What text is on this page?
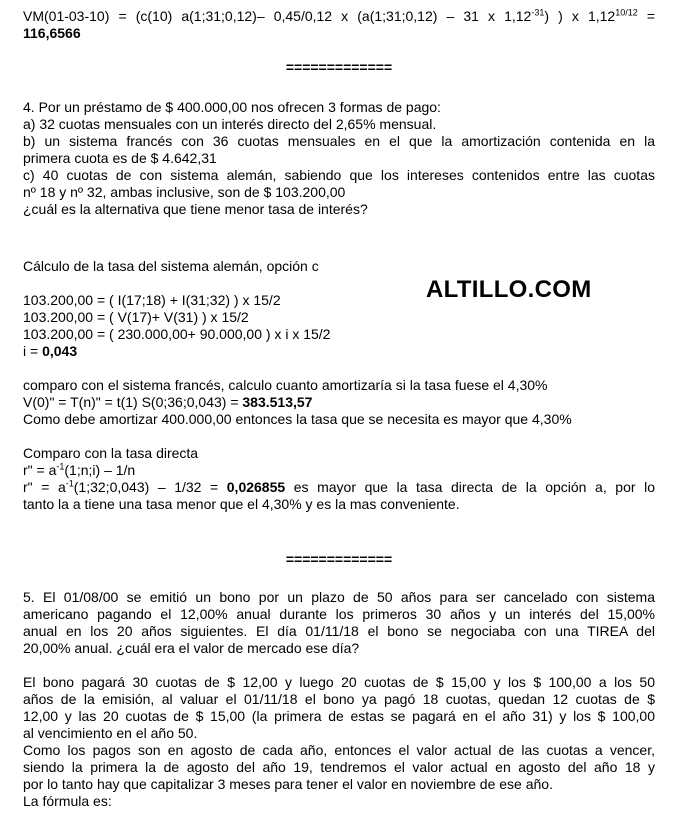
VM(01-03-10) = (c(10) a(1;31;0,12)– 0,45/0,12 x (a(1;31;0,12) – 31 x $1,12^{-31}$) ) x $1,12^{10/12}$ =
116,6566
=============
4. Por un préstamo de $ 400.000,00 nos ofrecen 3 formas de pago:
a) 32 cuotas mensuales con un interés directo del 2,65% mensual.
b) un sistema francés con 36 cuotas mensuales en el que la amortización contenida en la
primera cuota es de $ 4.642,31
c) 40 cuotas de con sistema alemán, sabiendo que los intereses contenidos entre las cuotas
nº 18 y nº 32, ambas inclusive, son de $ 103.200,00
¿cuál es la alternativa que tiene menor tasa de interés?
Cálculo de la tasa del sistema alemán, opción c
103.200,00 = ( I(17;18) + I(31;32) ) x 15/2
103.200,00 = ( V(17)+ V(31) ) x 15/2
103.200,00 = ( 230.000,00+ 90.000,00 ) x i x 15/2
i = 0,043
comparo con el sistema francés, calculo cuanto amortizaría si la tasa fuese el 4,30%
V(0)" = T(n)" = t(1) S(0;36;0,043) = 383.513,57
Como debe amortizar 400.000,00 entonces la tasa que se necesita es mayor que 4,30%
Comparo con la tasa directa
r" = $a^{-1}(1;n;i) - 1/n$
r" = $a^{-1}(1;32;0,043) - 1/32 = 0,026855$ es mayor que la tasa directa de la opción a, por lo
tanto la a tiene una tasa menor que el 4,30% y es la mas conveniente.
=============
5. El 01/08/00 se emitió un bono por un plazo de 50 años para ser cancelado con sistema
americano pagando el 12,00% anual durante los primeros 30 años y un interés del 15,00%
anual en los 20 años siguientes. El día 01/11/18 el bono se negociaba con una TIREA del
20,00% anual. ¿cuál era el valor de mercado ese día?
El bono pagará 30 cuotas de $ 12,00 y luego 20 cuotas de $ 15,00 y los $ 100,00 a los 50
años de la emisión, al valuar el 01/11/18 el bono ya pagó 18 cuotas, quedan 12 cuotas de $
12,00 y las 20 cuotas de $ 15,00 (la primera de estas se pagará en el año 31) y los $ 100,00
al vencimiento en el año 50.
Como los pagos son en agosto de cada año, entonces el valor actual de las cuotas a vencer,
siendo la primera la de agosto del año 19, tendremos el valor actual en agosto del año 18 y
por lo tanto hay que capitalizar 3 meses para tener el valor en noviembre de ese año.
La fórmula es:
ALTILLO.COM
